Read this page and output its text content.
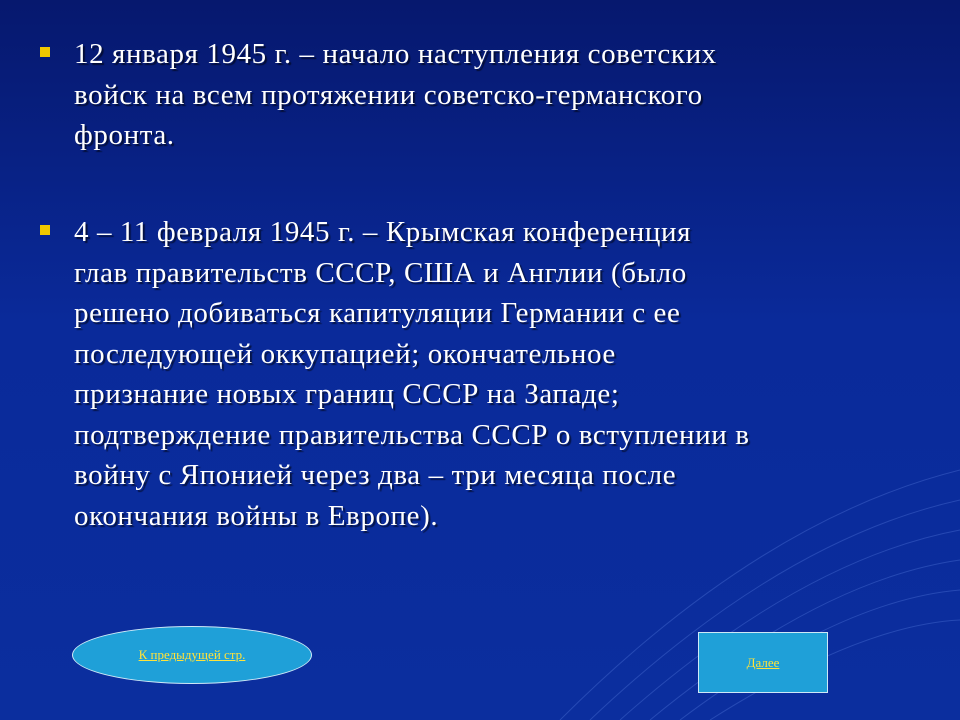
12 января 1945 г. – начало наступления советских
войск на всем протяжении советско-германского
фронта.
4 – 11 февраля 1945 г. – Крымская конференция
глав правительств СССР, США и Англии (было
решено добиваться капитуляции Германии с ее
последующей оккупацией; окончательное
признание новых границ СССР на Западе;
подтверждение правительства СССР о вступлении в
войну с Японией через два – три месяца после
окончания войны в Европе).
К предыдущей стр.	Далее
